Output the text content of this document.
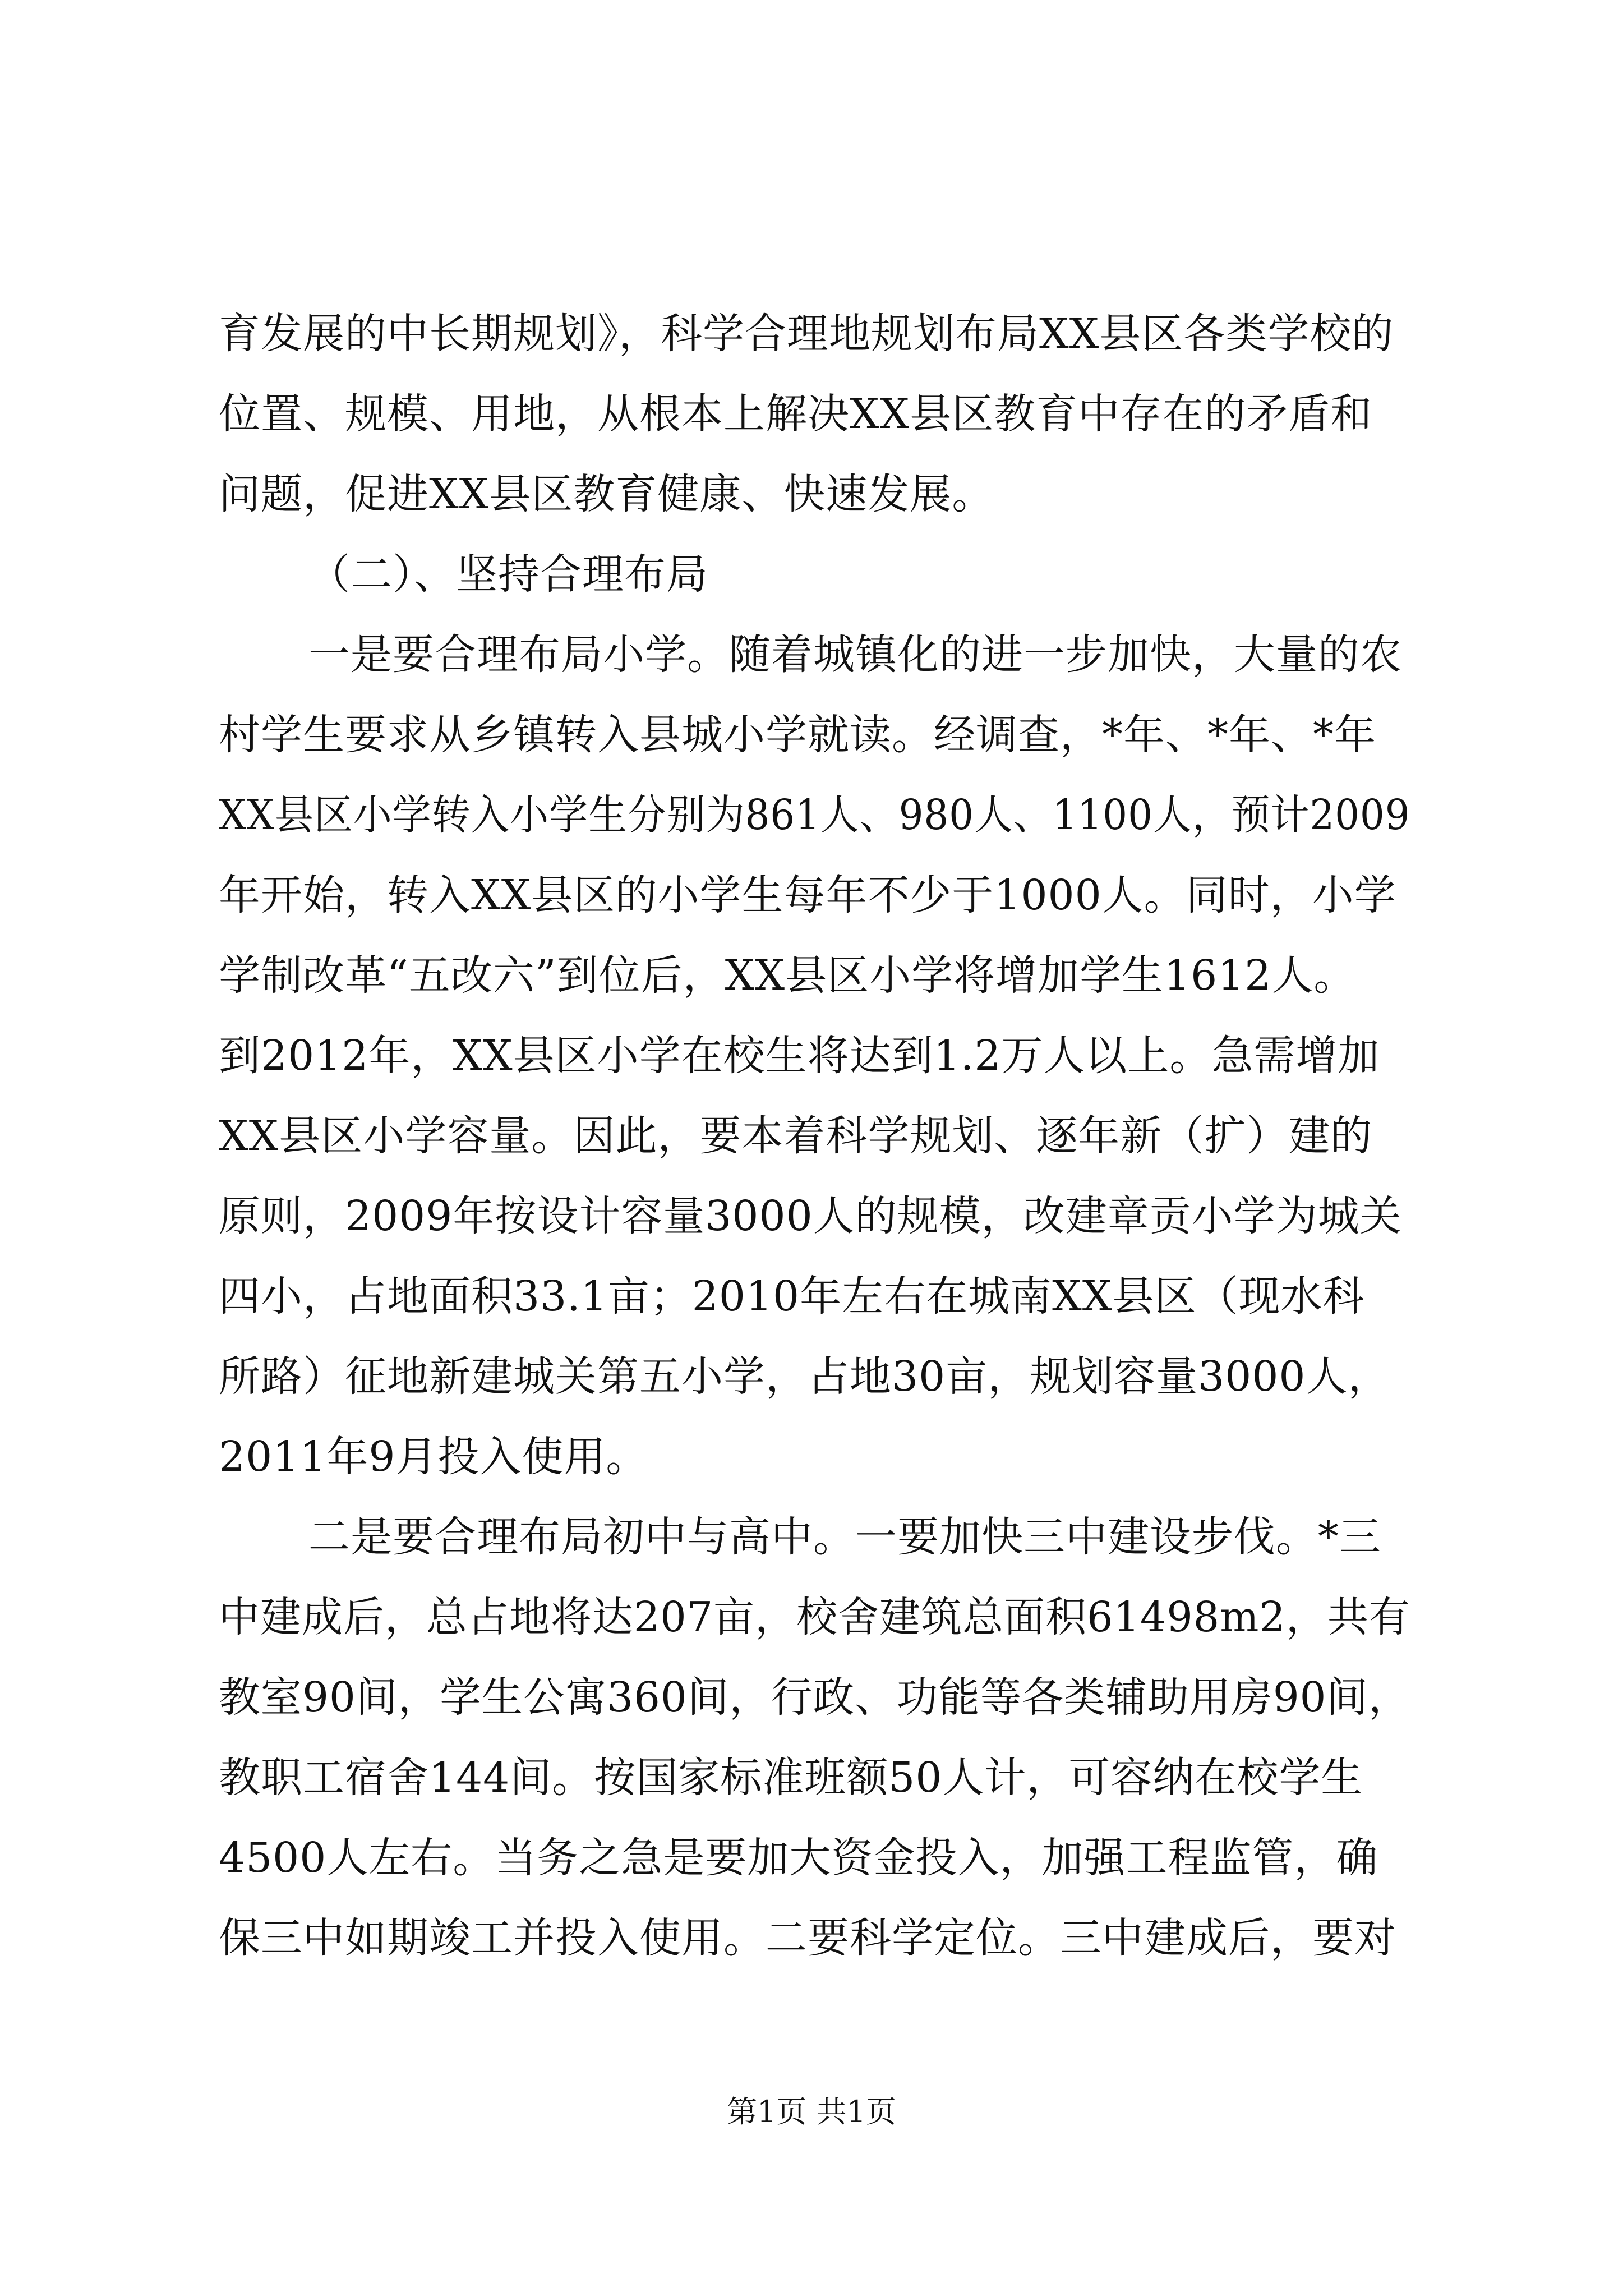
育发展的中长期规划》，科学合理地规划布局XX县区各类学校的
位置、规模、用地，从根本上解决XX县区教育中存在的矛盾和
问题，促进XX县区教育健康、快速发展。
（二）、坚持合理布局
一是要合理布局小学。随着城镇化的进一步加快，大量的农
村学生要求从乡镇转入县城小学就读。经调查，*年、*年、*年
XX县区小学转入小学生分别为861人、980人、1100人，预计2009
年开始，转入XX县区的小学生每年不少于1000人。同时，小学
学制改革“五改六”到位后，XX县区小学将增加学生1612人。
到2012年，XX县区小学在校生将达到1.2万人以上。急需增加
XX县区小学容量。因此，要本着科学规划、逐年新（扩）建的
原则，2009年按设计容量3000人的规模，改建章贡小学为城关
四小，占地面积33.1亩；2010年左右在城南XX县区（现水科
所路）征地新建城关第五小学，占地30亩，规划容量3000人，
2011年9月投入使用。
二是要合理布局初中与高中。一要加快三中建设步伐。*三
中建成后，总占地将达207亩，校舍建筑总面积61498m2，共有
教室90间，学生公寓360间，行政、功能等各类辅助用房90间，
教职工宿舍144间。按国家标准班额50人计，可容纳在校学生
4500人左右。当务之急是要加大资金投入，加强工程监管，确
保三中如期竣工并投入使用。二要科学定位。三中建成后，要对
第1页 共1页
